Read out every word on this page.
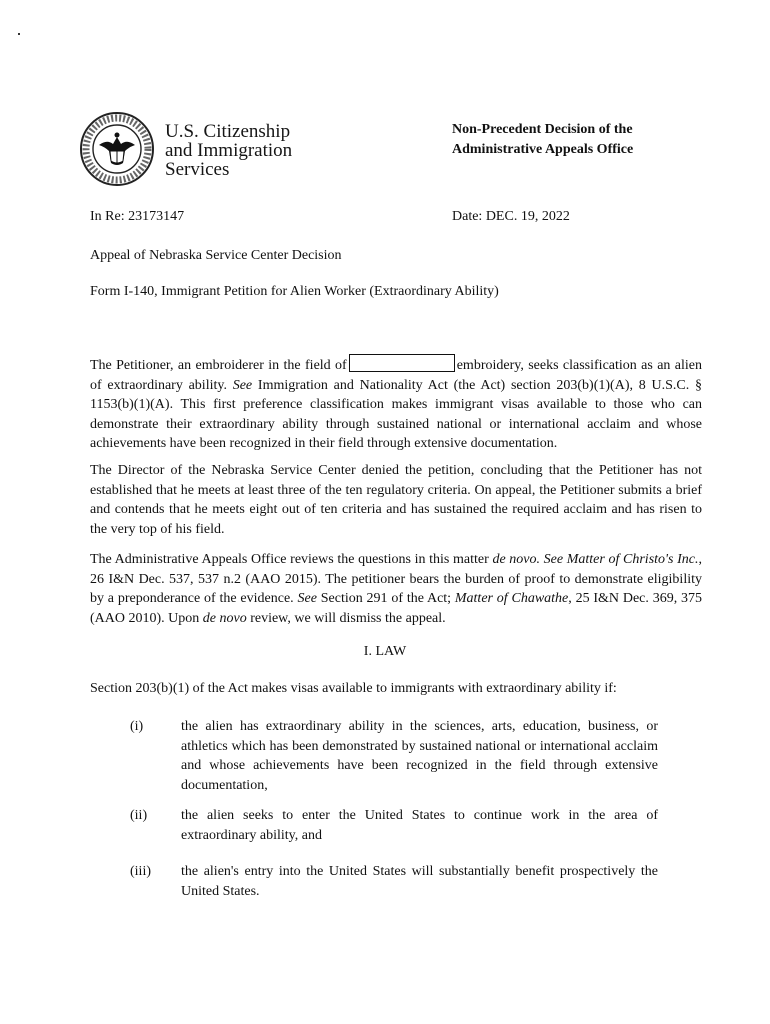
U.S. Citizenship
and Immigration
Services
Non-Precedent Decision of the
Administrative Appeals Office
In Re: 23173147	Date: DEC. 19, 2022
Appeal of Nebraska Service Center Decision
Form I-140, Immigrant Petition for Alien Worker (Extraordinary Ability)
The Petitioner, an embroiderer in the field of	embroidery, seeks classification as an alien of extraordinary ability. See Immigration and Nationality Act (the Act) section 203(b)(1)(A), 8 U.S.C. § 1153(b)(1)(A). This first preference classification makes immigrant visas available to those who can demonstrate their extraordinary ability through sustained national or international acclaim and whose achievements have been recognized in their field through extensive documentation.
The Director of the Nebraska Service Center denied the petition, concluding that the Petitioner has not established that he meets at least three of the ten regulatory criteria. On appeal, the Petitioner submits a brief and contends that he meets eight out of ten criteria and has sustained the required acclaim and has risen to the very top of his field.
The Administrative Appeals Office reviews the questions in this matter de novo. See Matter of Christo's Inc., 26 I&N Dec. 537, 537 n.2 (AAO 2015). The petitioner bears the burden of proof to demonstrate eligibility by a preponderance of the evidence. See Section 291 of the Act; Matter of Chawathe, 25 I&N Dec. 369, 375 (AAO 2010). Upon de novo review, we will dismiss the appeal.
I. LAW
Section 203(b)(1) of the Act makes visas available to immigrants with extraordinary ability if:
(i)	the alien has extraordinary ability in the sciences, arts, education, business, or athletics which has been demonstrated by sustained national or international acclaim and whose achievements have been recognized in the field through extensive documentation,
(ii) the alien seeks to enter the United States to continue work in the area of extraordinary ability, and
(iii) the alien's entry into the United States will substantially benefit prospectively the United States.
